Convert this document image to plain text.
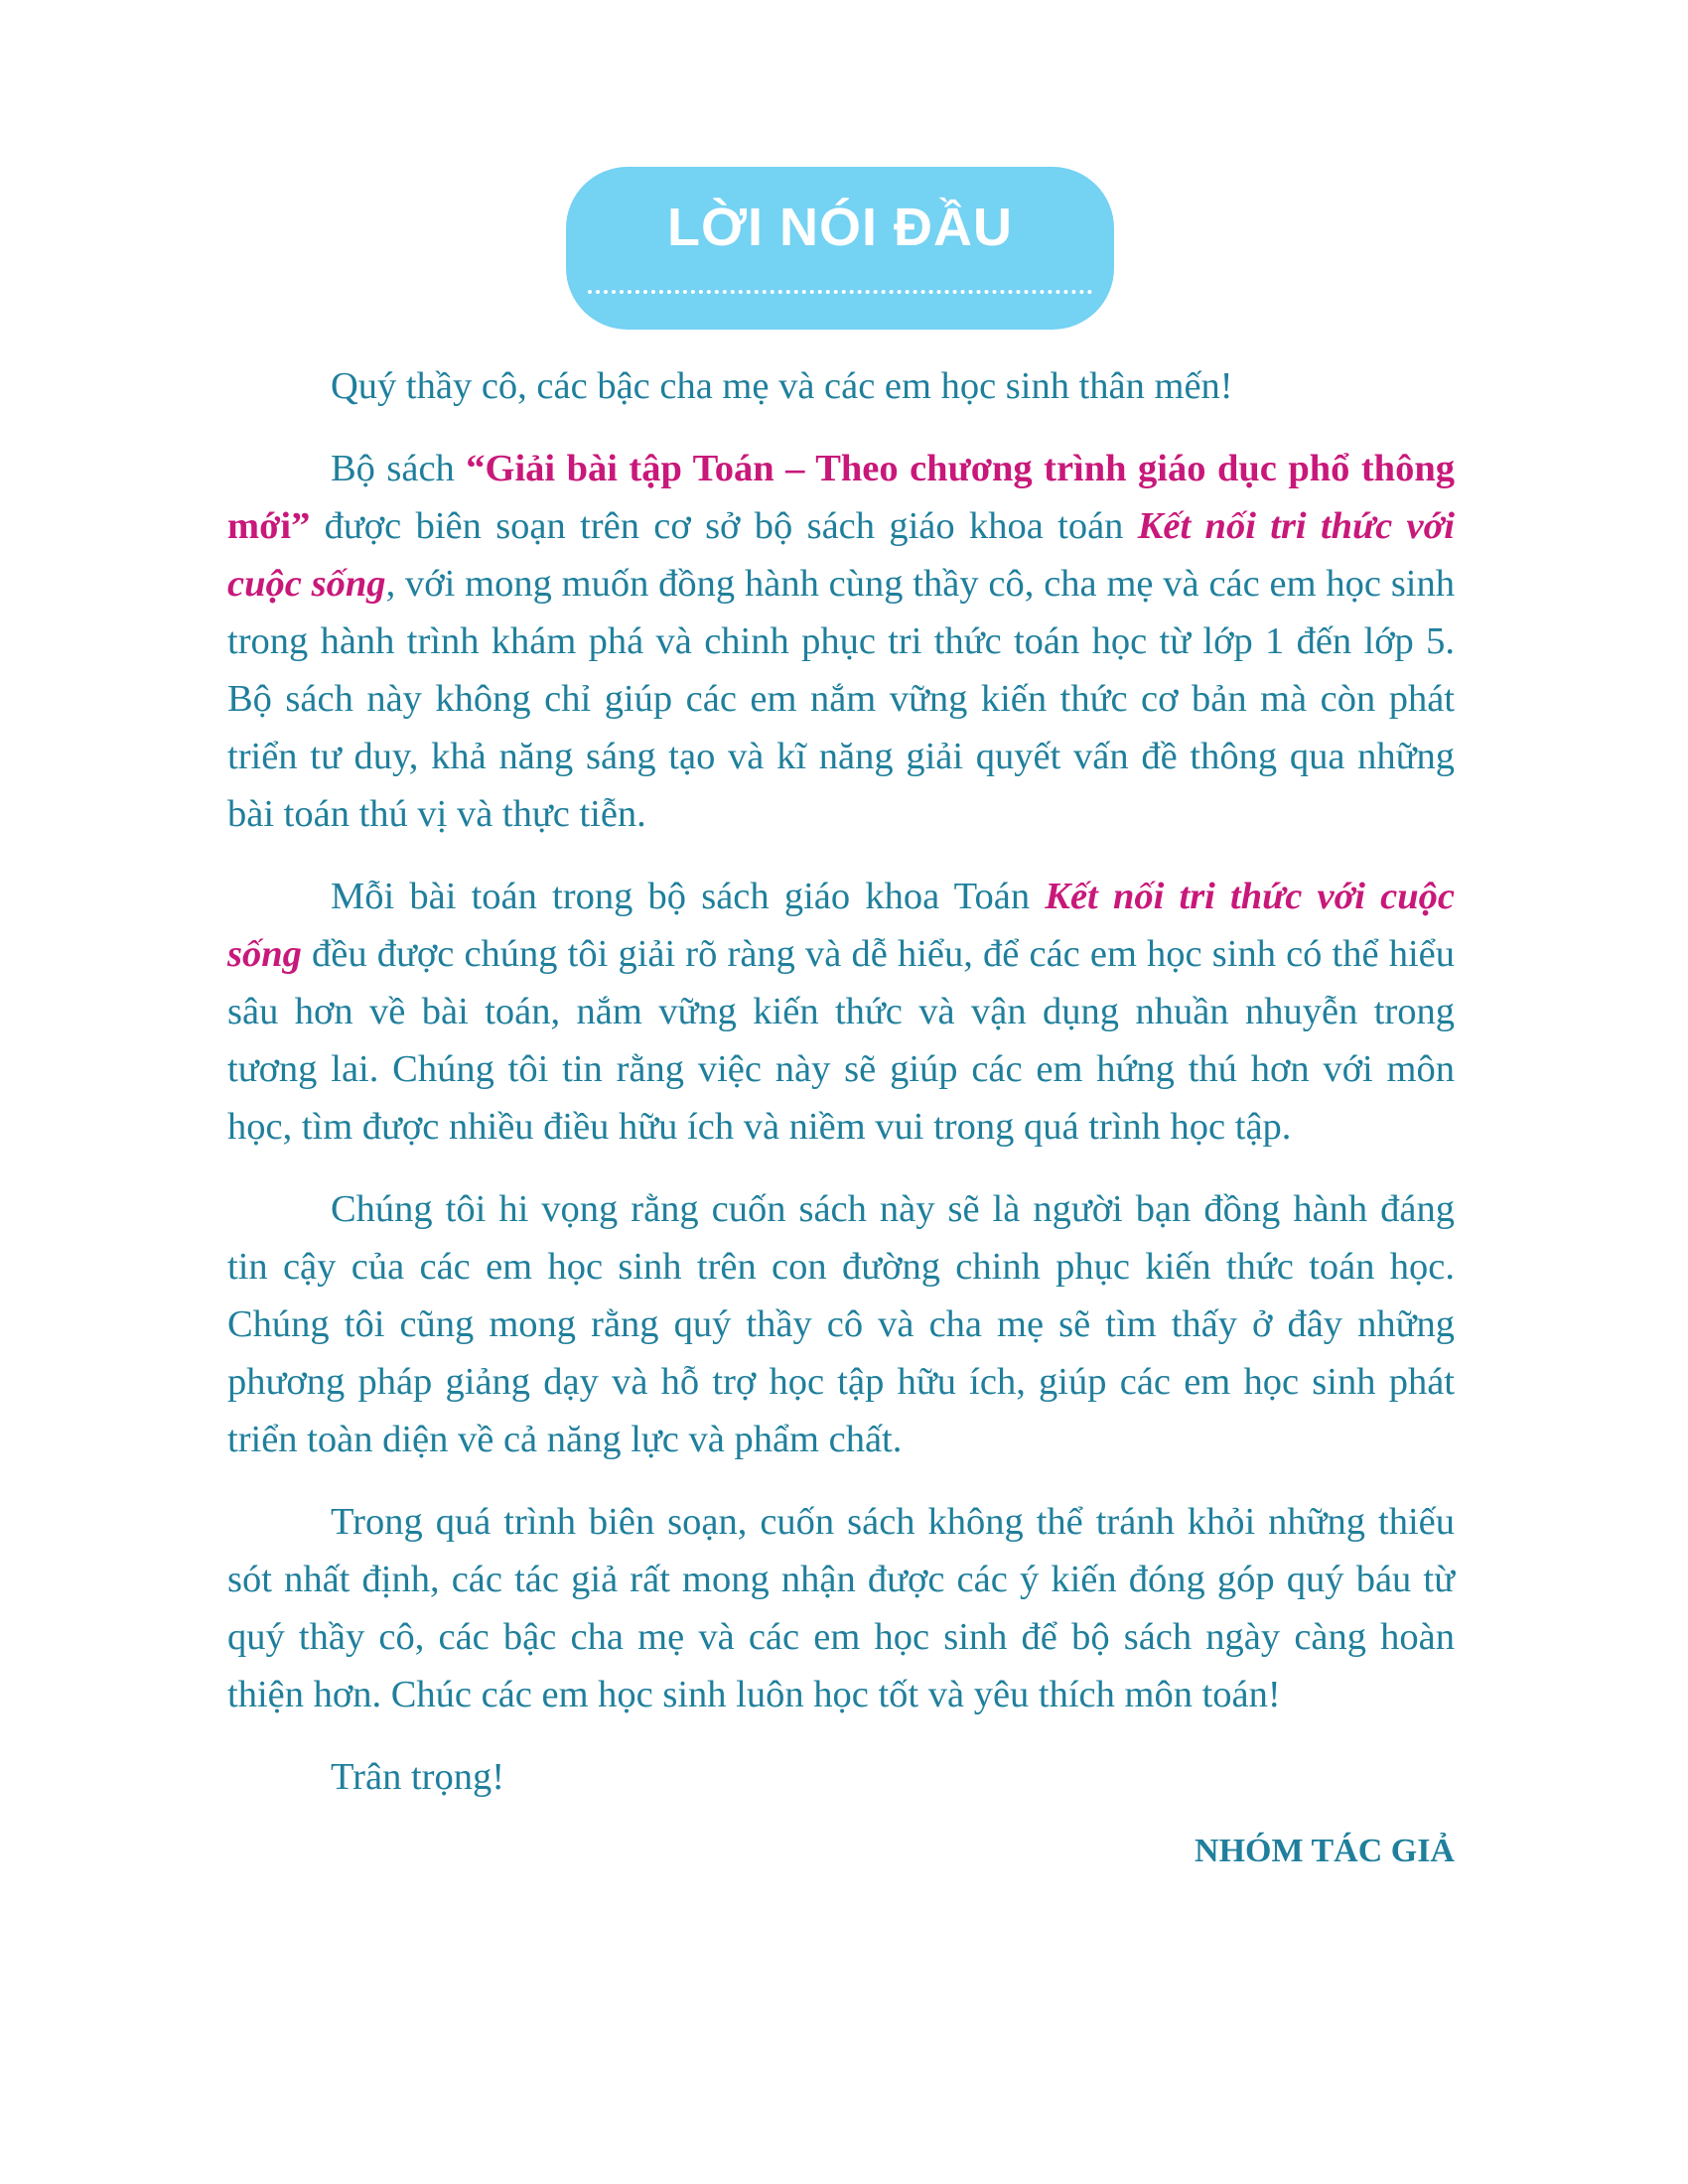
LỜI NÓI ĐẦU

Quý thầy cô, các bậc cha mẹ và các em học sinh thân mến!

Bộ sách “Giải bài tập Toán – Theo chương trình giáo dục phổ thông mới” được biên soạn trên cơ sở bộ sách giáo khoa toán Kết nối tri thức với cuộc sống, với mong muốn đồng hành cùng thầy cô, cha mẹ và các em học sinh trong hành trình khám phá và chinh phục tri thức toán học từ lớp 1 đến lớp 5. Bộ sách này không chỉ giúp các em nắm vững kiến thức cơ bản mà còn phát triển tư duy, khả năng sáng tạo và kĩ năng giải quyết vấn đề thông qua những bài toán thú vị và thực tiễn.

Mỗi bài toán trong bộ sách giáo khoa Toán Kết nối tri thức với cuộc sống đều được chúng tôi giải rõ ràng và dễ hiểu, để các em học sinh có thể hiểu sâu hơn về bài toán, nắm vững kiến thức và vận dụng nhuần nhuyễn trong tương lai. Chúng tôi tin rằng việc này sẽ giúp các em hứng thú hơn với môn học, tìm được nhiều điều hữu ích và niềm vui trong quá trình học tập.

Chúng tôi hi vọng rằng cuốn sách này sẽ là người bạn đồng hành đáng tin cậy của các em học sinh trên con đường chinh phục kiến thức toán học. Chúng tôi cũng mong rằng quý thầy cô và cha mẹ sẽ tìm thấy ở đây những phương pháp giảng dạy và hỗ trợ học tập hữu ích, giúp các em học sinh phát triển toàn diện về cả năng lực và phẩm chất.

Trong quá trình biên soạn, cuốn sách không thể tránh khỏi những thiếu sót nhất định, các tác giả rất mong nhận được các ý kiến đóng góp quý báu từ quý thầy cô, các bậc cha mẹ và các em học sinh để bộ sách ngày càng hoàn thiện hơn. Chúc các em học sinh luôn học tốt và yêu thích môn toán!

Trân trọng!

NHÓM TÁC GIẢ
